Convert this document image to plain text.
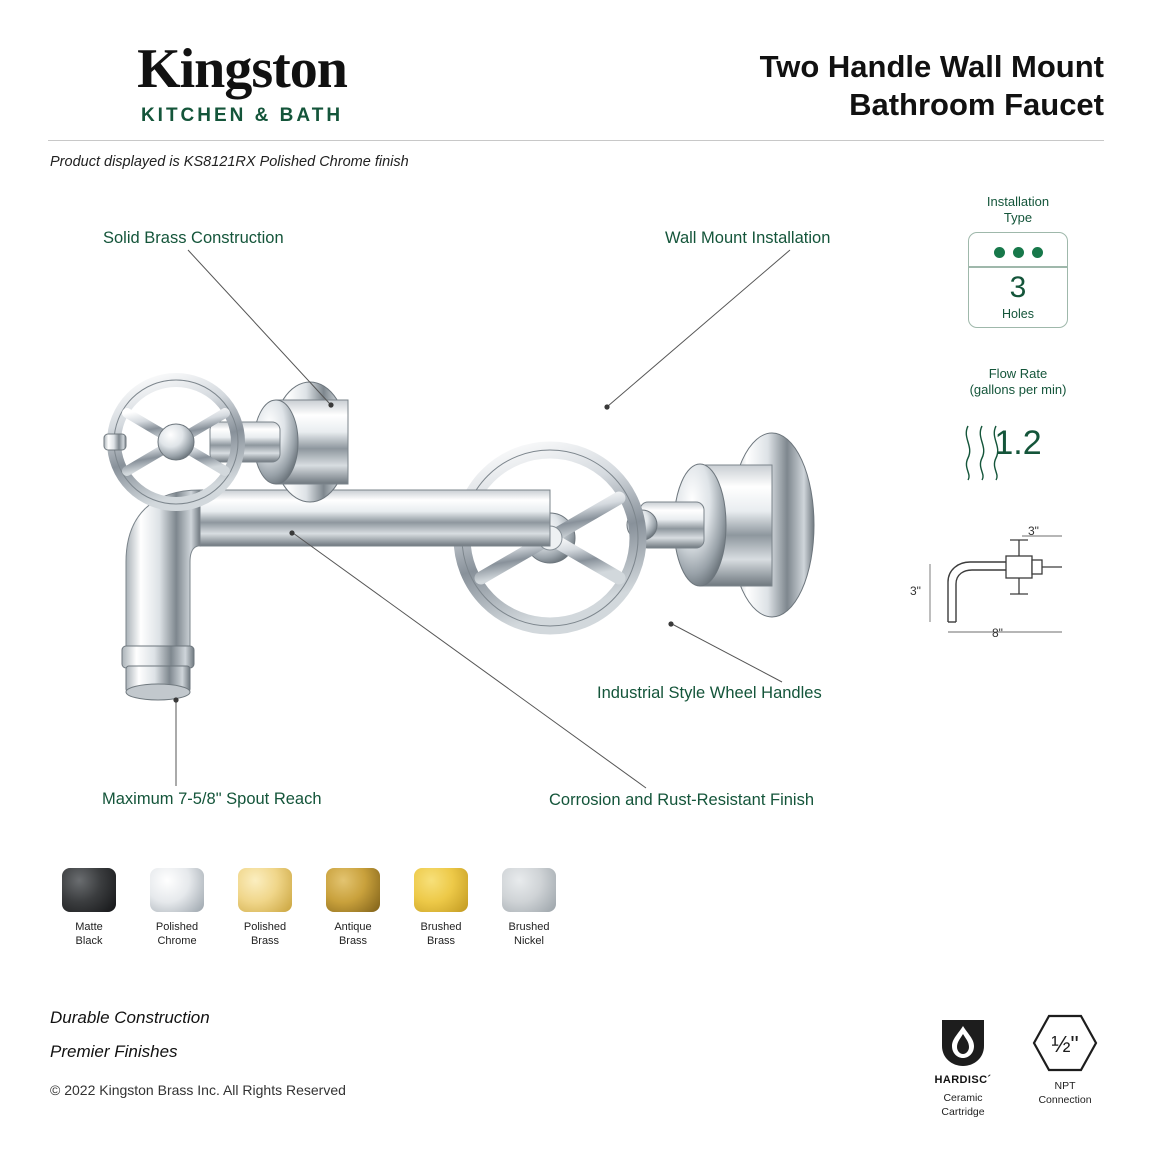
Kingston
KITCHEN & BATH
Two Handle Wall Mount
Bathroom Faucet
Product displayed is KS8121RX Polished Chrome finish
Solid Brass Construction	Wall Mount Installation
Industrial Style Wheel Handles
Corrosion and Rust-Resistant Finish
Maximum 7-5/8" Spout Reach
Installation
Type
3
Holes
Flow Rate
(gallons per min)
1.2
3"
3"
8"
Matte
Black
Polished
Chrome
Polished
Brass
Antique
Brass
Brushed
Brass
Brushed
Nickel
Durable Construction
Premier Finishes
© 2022 Kingston Brass Inc. All Rights Reserved
HARDISC´
Ceramic
Cartridge
½"
NPT
Connection
